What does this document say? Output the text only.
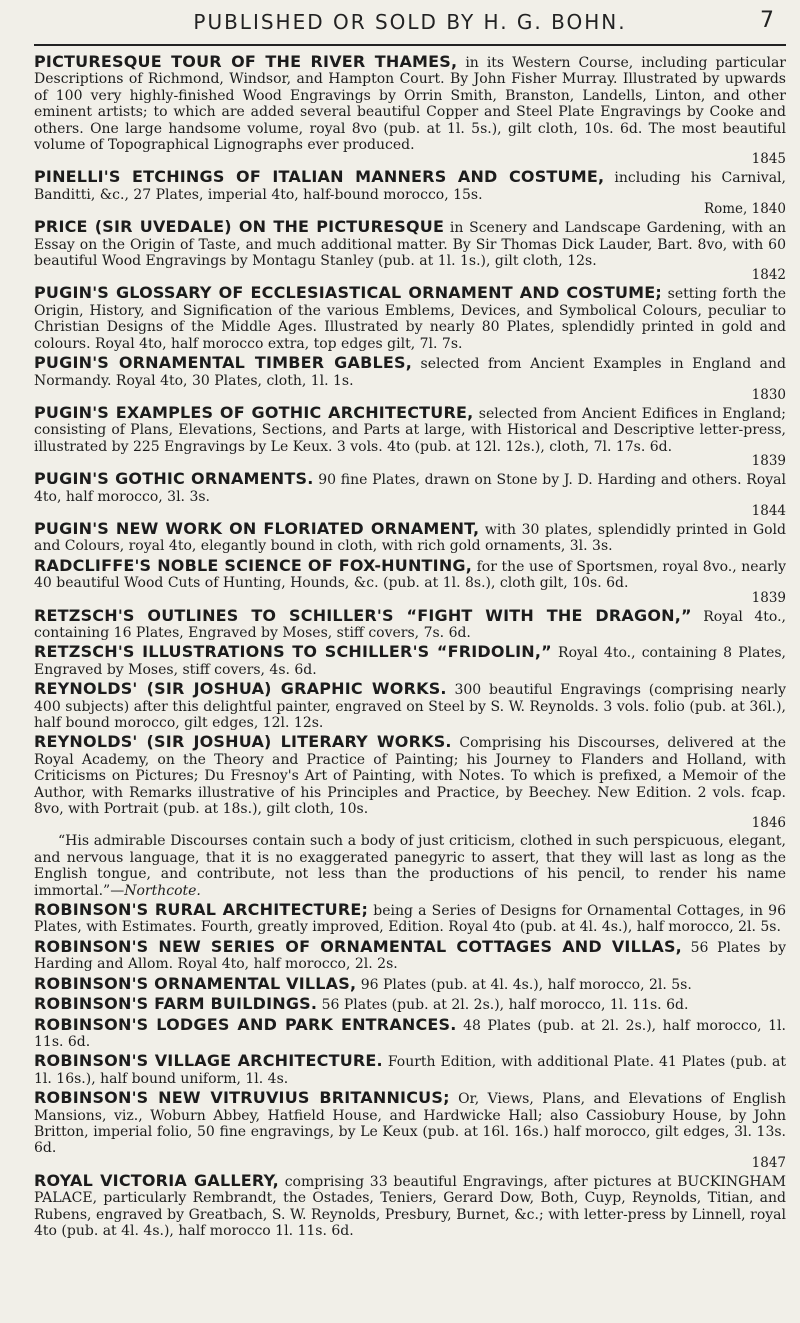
PUBLISHED OR SOLD BY H. G. BOHN.	7

PICTURESQUE TOUR OF THE RIVER THAMES, in its Western Course, including particular Descriptions of Richmond, Windsor, and Hampton Court. By John Fisher Murray. Illustrated by upwards of 100 very highly-finished Wood Engravings by Orrin Smith, Branston, Landells, Linton, and other eminent artists; to which are added several beautiful Copper and Steel Plate Engravings by Cooke and others. One large handsome volume, royal 8vo (pub. at 1l. 5s.), gilt cloth, 10s. 6d. The most beautiful volume of Topographical Lignographs ever produced.
1845

PINELLI'S ETCHINGS OF ITALIAN MANNERS AND COSTUME, including his Carnival, Banditti, &c., 27 Plates, imperial 4to, half-bound morocco, 15s.
Rome, 1840

PRICE (SIR UVEDALE) ON THE PICTURESQUE in Scenery and Landscape Gardening, with an Essay on the Origin of Taste, and much additional matter. By Sir Thomas Dick Lauder, Bart. 8vo, with 60 beautiful Wood Engravings by Montagu Stanley (pub. at 1l. 1s.), gilt cloth, 12s.
1842

PUGIN'S GLOSSARY OF ECCLESIASTICAL ORNAMENT AND COSTUME; setting forth the Origin, History, and Signification of the various Emblems, Devices, and Symbolical Colours, peculiar to Christian Designs of the Middle Ages. Illustrated by nearly 80 Plates, splendidly printed in gold and colours. Royal 4to, half morocco extra, top edges gilt, 7l. 7s.

PUGIN'S ORNAMENTAL TIMBER GABLES, selected from Ancient Examples in England and Normandy. Royal 4to, 30 Plates, cloth, 1l. 1s.
1830

PUGIN'S EXAMPLES OF GOTHIC ARCHITECTURE, selected from Ancient Edifices in England; consisting of Plans, Elevations, Sections, and Parts at large, with Historical and Descriptive letter-press, illustrated by 225 Engravings by Le Keux. 3 vols. 4to (pub. at 12l. 12s.), cloth, 7l. 17s. 6d.
1839

PUGIN'S GOTHIC ORNAMENTS. 90 fine Plates, drawn on Stone by J. D. Harding and others. Royal 4to, half morocco, 3l. 3s.
1844

PUGIN'S NEW WORK ON FLORIATED ORNAMENT, with 30 plates, splendidly printed in Gold and Colours, royal 4to, elegantly bound in cloth, with rich gold ornaments, 3l. 3s.

RADCLIFFE'S NOBLE SCIENCE OF FOX-HUNTING, for the use of Sportsmen, royal 8vo., nearly 40 beautiful Wood Cuts of Hunting, Hounds, &c. (pub. at 1l. 8s.), cloth gilt, 10s. 6d.
1839

RETZSCH'S OUTLINES TO SCHILLER'S “FIGHT WITH THE DRAGON,” Royal 4to., containing 16 Plates, Engraved by Moses, stiff covers, 7s. 6d.

RETZSCH'S ILLUSTRATIONS TO SCHILLER'S “FRIDOLIN,” Royal 4to., containing 8 Plates, Engraved by Moses, stiff covers, 4s. 6d.

REYNOLDS' (SIR JOSHUA) GRAPHIC WORKS. 300 beautiful Engravings (comprising nearly 400 subjects) after this delightful painter, engraved on Steel by S. W. Reynolds. 3 vols. folio (pub. at 36l.), half bound morocco, gilt edges, 12l. 12s.

REYNOLDS' (SIR JOSHUA) LITERARY WORKS. Comprising his Discourses, delivered at the Royal Academy, on the Theory and Practice of Painting; his Journey to Flanders and Holland, with Criticisms on Pictures; Du Fresnoy's Art of Painting, with Notes. To which is prefixed, a Memoir of the Author, with Remarks illustrative of his Principles and Practice, by Beechey. New Edition. 2 vols. fcap. 8vo, with Portrait (pub. at 18s.), gilt cloth, 10s.
1846

“His admirable Discourses contain such a body of just criticism, clothed in such perspicuous, elegant, and nervous language, that it is no exaggerated panegyric to assert, that they will last as long as the English tongue, and contribute, not less than the productions of his pencil, to render his name immortal.”—Northcote.

ROBINSON'S RURAL ARCHITECTURE; being a Series of Designs for Ornamental Cottages, in 96 Plates, with Estimates. Fourth, greatly improved, Edition. Royal 4to (pub. at 4l. 4s.), half morocco, 2l. 5s.

ROBINSON'S NEW SERIES OF ORNAMENTAL COTTAGES AND VILLAS, 56 Plates by Harding and Allom. Royal 4to, half morocco, 2l. 2s.

ROBINSON'S ORNAMENTAL VILLAS, 96 Plates (pub. at 4l. 4s.), half morocco, 2l. 5s.

ROBINSON'S FARM BUILDINGS. 56 Plates (pub. at 2l. 2s.), half morocco, 1l. 11s. 6d.

ROBINSON'S LODGES AND PARK ENTRANCES. 48 Plates (pub. at 2l. 2s.), half morocco, 1l. 11s. 6d.

ROBINSON'S VILLAGE ARCHITECTURE. Fourth Edition, with additional Plate. 41 Plates (pub. at 1l. 16s.), half bound uniform, 1l. 4s.

ROBINSON'S NEW VITRUVIUS BRITANNICUS; Or, Views, Plans, and Elevations of English Mansions, viz., Woburn Abbey, Hatfield House, and Hardwicke Hall; also Cassiobury House, by John Britton, imperial folio, 50 fine engravings, by Le Keux (pub. at 16l. 16s.) half morocco, gilt edges, 3l. 13s. 6d.
1847

ROYAL VICTORIA GALLERY, comprising 33 beautiful Engravings, after pictures at BUCKINGHAM PALACE, particularly Rembrandt, the Ostades, Teniers, Gerard Dow, Both, Cuyp, Reynolds, Titian, and Rubens, engraved by Greatbach, S. W. Reynolds, Presbury, Burnet, &c.; with letter-press by Linnell, royal 4to (pub. at 4l. 4s.), half morocco 1l. 11s. 6d.
